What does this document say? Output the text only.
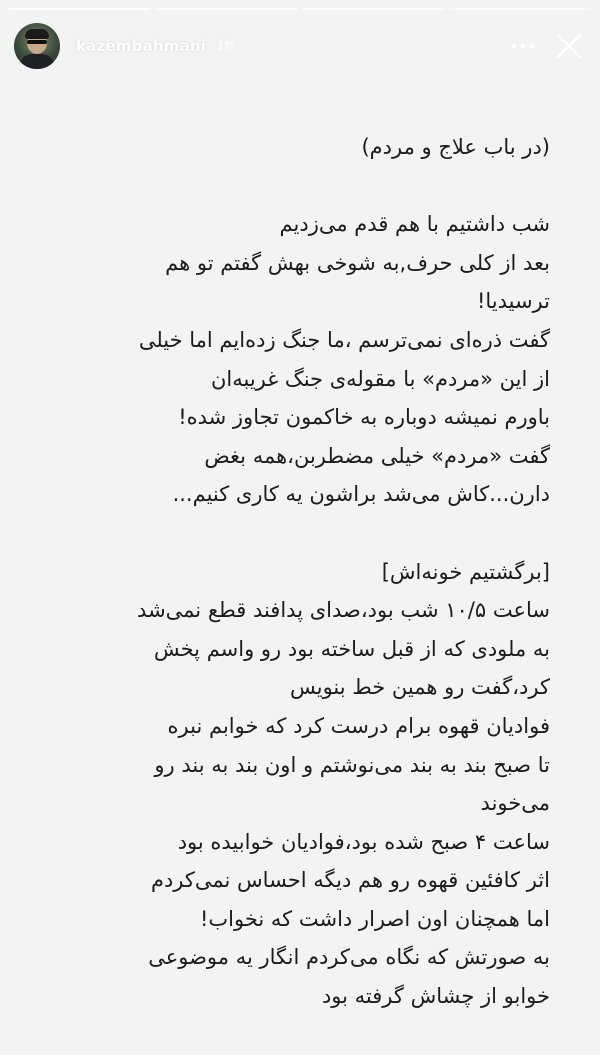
kazembahmani 1h
(در باب علاج و مردم)
شب داشتیم با هم قدم می‌زدیم
بعد از کلی حرف,به شوخی بهش گفتم تو هم
ترسیدیا!
گفت ذره‌ای نمی‌ترسم ،ما جنگ زده‌ایم اما خیلی
از این «مردم» با مقوله‌ی جنگ غریبه‌ان
باورم نمیشه دوباره به خاکمون تجاوز شده!
گفت «مردم» خیلی مضطربن،همه بغض
دارن...کاش می‌شد براشون یه کاری کنیم...
[برگشتیم خونه‌اش]
ساعت ۱۰/۵ شب بود،صدای پدافند قطع نمی‌شد
به ملودی که از قبل ساخته بود رو واسم پخش
کرد،گفت رو همین خط بنویس
فوادیان قهوه برام درست کرد که خوابم نبره
تا صبح بند به بند می‌نوشتم و اون بند به بند رو
می‌خوند
ساعت ۴ صبح شده بود،فوادیان خوابیده بود
اثر کافئین قهوه رو هم دیگه احساس نمی‌کردم
اما همچنان اون اصرار داشت که نخواب!
به صورتش که نگاه می‌کردم انگار یه موضوعی
خوابو از چشاش گرفته بود
